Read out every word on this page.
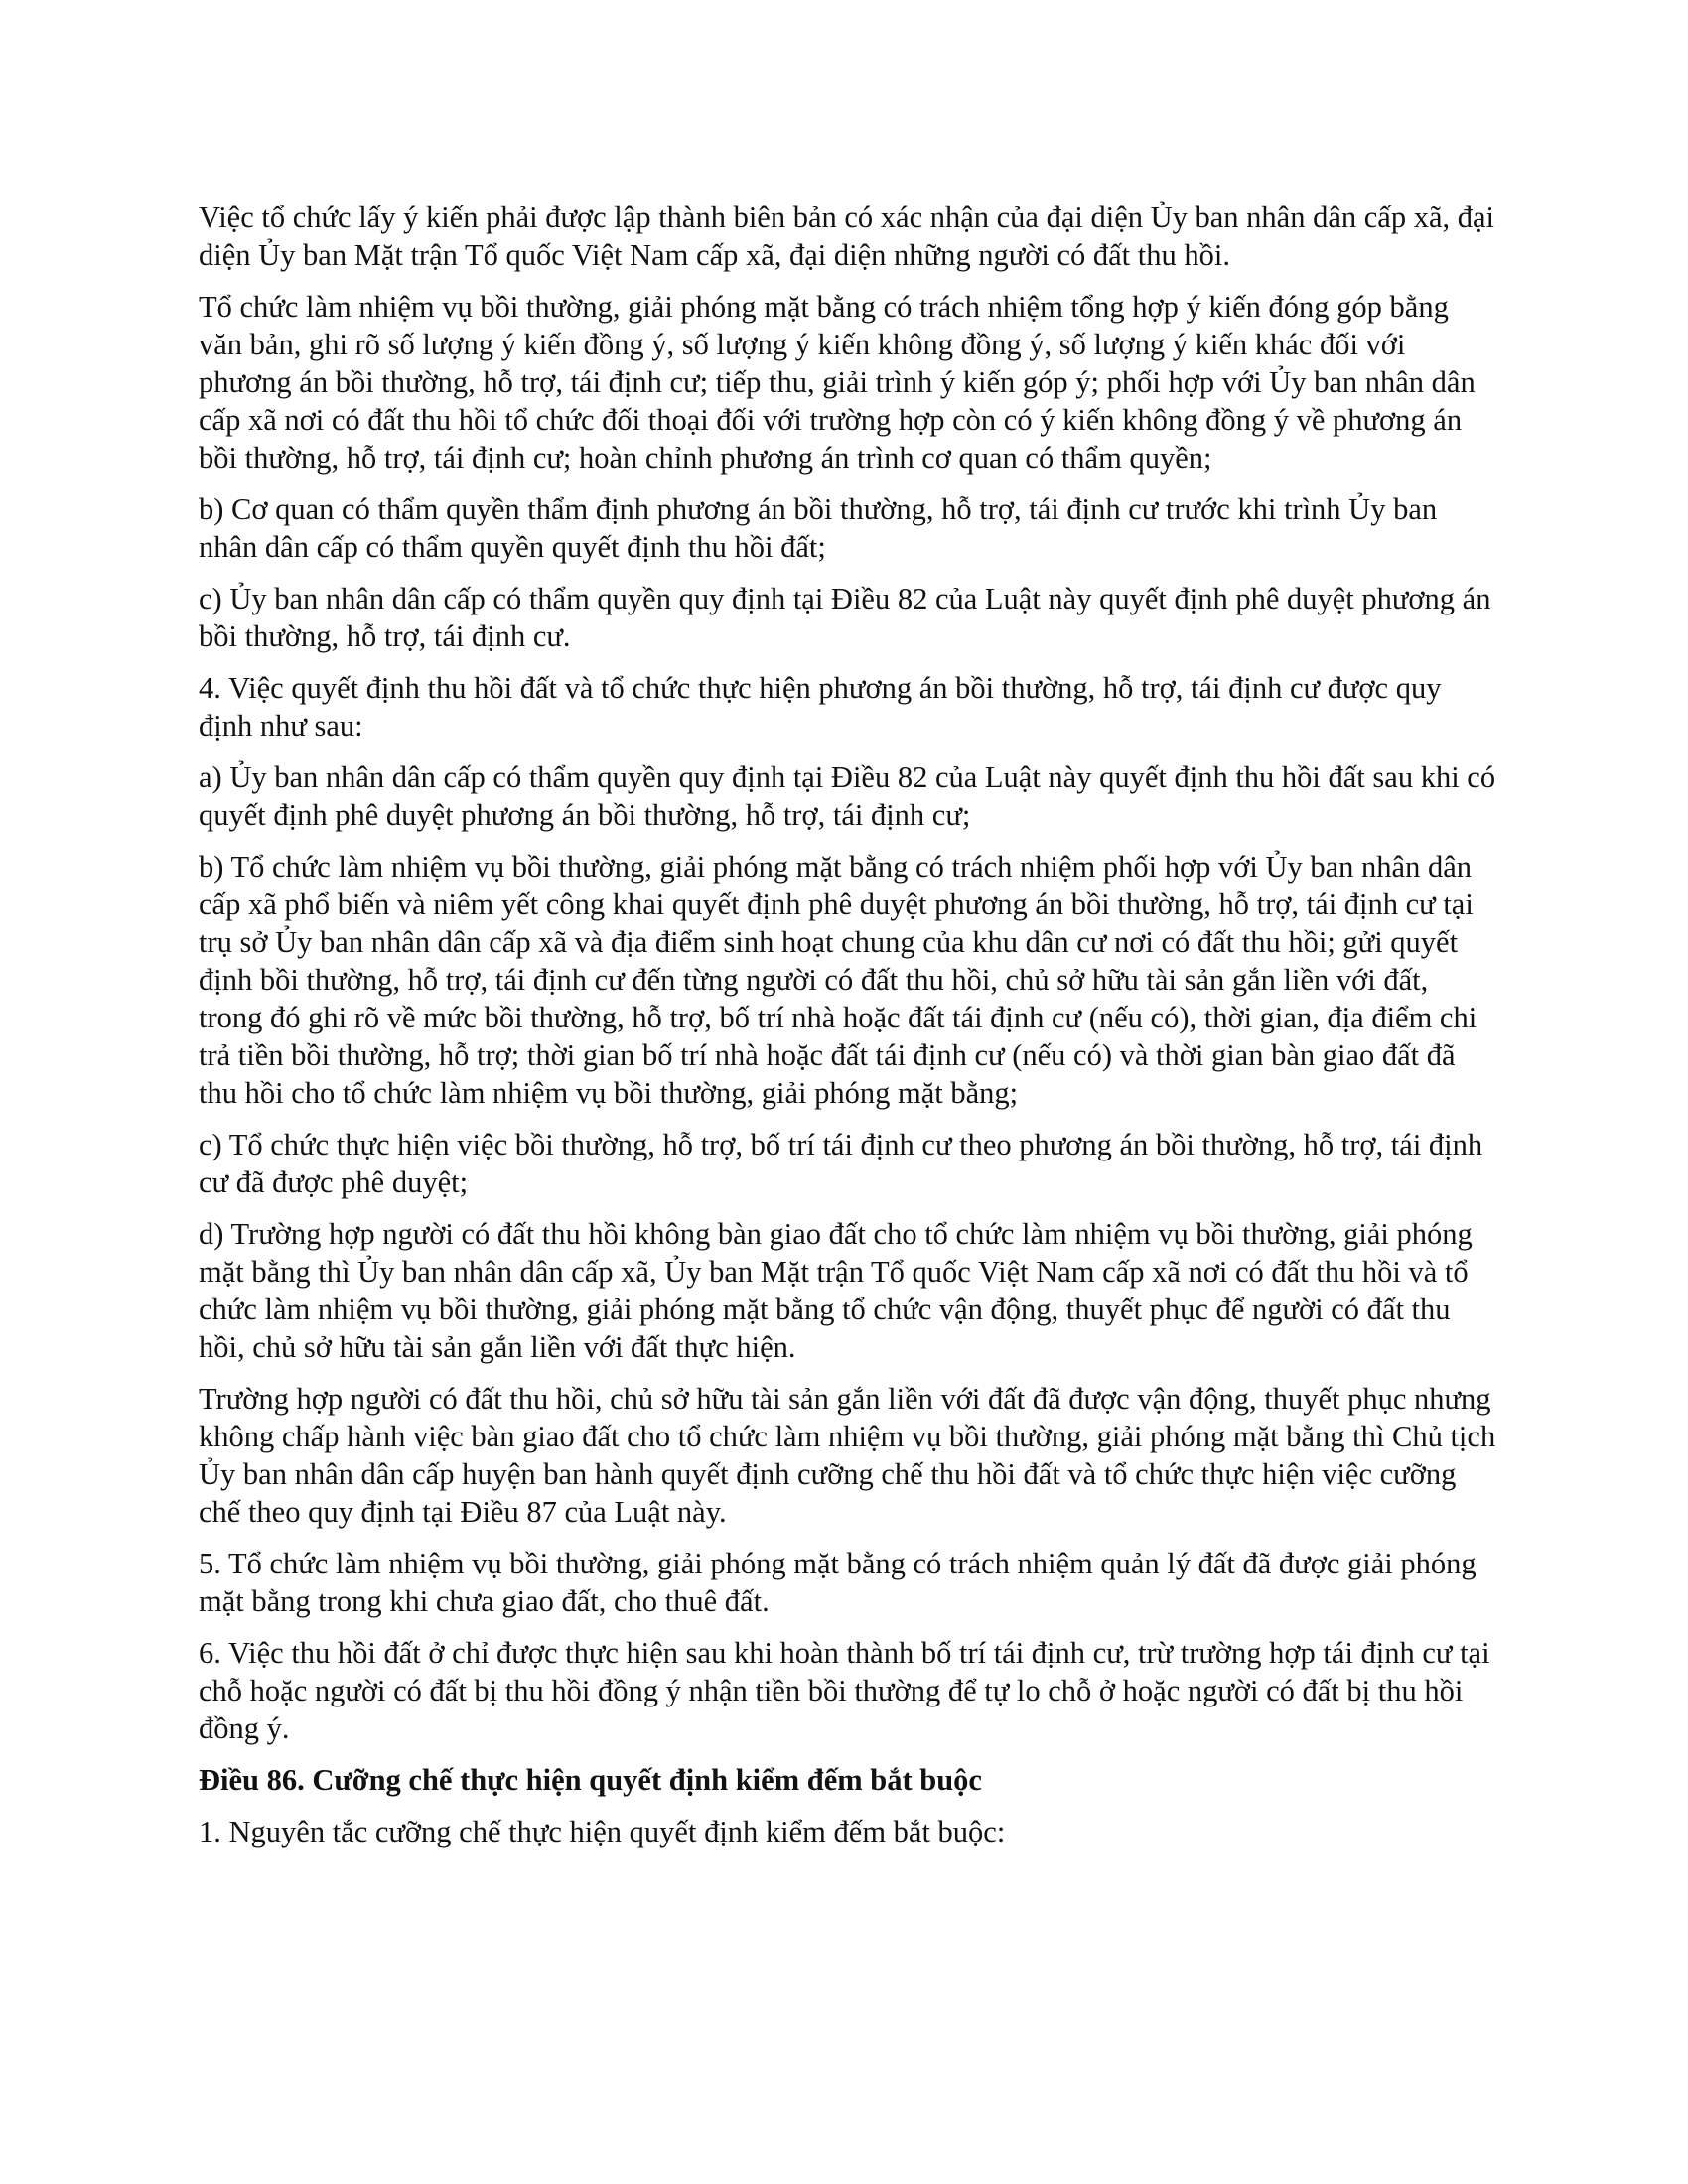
Việc tổ chức lấy ý kiến phải được lập thành biên bản có xác nhận của đại diện Ủy ban nhân dân cấp xã, đại diện Ủy ban Mặt trận Tổ quốc Việt Nam cấp xã, đại diện những người có đất thu hồi.

Tổ chức làm nhiệm vụ bồi thường, giải phóng mặt bằng có trách nhiệm tổng hợp ý kiến đóng góp bằng văn bản, ghi rõ số lượng ý kiến đồng ý, số lượng ý kiến không đồng ý, số lượng ý kiến khác đối với phương án bồi thường, hỗ trợ, tái định cư; tiếp thu, giải trình ý kiến góp ý; phối hợp với Ủy ban nhân dân cấp xã nơi có đất thu hồi tổ chức đối thoại đối với trường hợp còn có ý kiến không đồng ý về phương án bồi thường, hỗ trợ, tái định cư; hoàn chỉnh phương án trình cơ quan có thẩm quyền;

b) Cơ quan có thẩm quyền thẩm định phương án bồi thường, hỗ trợ, tái định cư trước khi trình Ủy ban nhân dân cấp có thẩm quyền quyết định thu hồi đất;

c) Ủy ban nhân dân cấp có thẩm quyền quy định tại Điều 82 của Luật này quyết định phê duyệt phương án bồi thường, hỗ trợ, tái định cư.

4. Việc quyết định thu hồi đất và tổ chức thực hiện phương án bồi thường, hỗ trợ, tái định cư được quy định như sau:

a) Ủy ban nhân dân cấp có thẩm quyền quy định tại Điều 82 của Luật này quyết định thu hồi đất sau khi có quyết định phê duyệt phương án bồi thường, hỗ trợ, tái định cư;

b) Tổ chức làm nhiệm vụ bồi thường, giải phóng mặt bằng có trách nhiệm phối hợp với Ủy ban nhân dân cấp xã phổ biến và niêm yết công khai quyết định phê duyệt phương án bồi thường, hỗ trợ, tái định cư tại trụ sở Ủy ban nhân dân cấp xã và địa điểm sinh hoạt chung của khu dân cư nơi có đất thu hồi; gửi quyết định bồi thường, hỗ trợ, tái định cư đến từng người có đất thu hồi, chủ sở hữu tài sản gắn liền với đất, trong đó ghi rõ về mức bồi thường, hỗ trợ, bố trí nhà hoặc đất tái định cư (nếu có), thời gian, địa điểm chi trả tiền bồi thường, hỗ trợ; thời gian bố trí nhà hoặc đất tái định cư (nếu có) và thời gian bàn giao đất đã thu hồi cho tổ chức làm nhiệm vụ bồi thường, giải phóng mặt bằng;

c) Tổ chức thực hiện việc bồi thường, hỗ trợ, bố trí tái định cư theo phương án bồi thường, hỗ trợ, tái định cư đã được phê duyệt;

d) Trường hợp người có đất thu hồi không bàn giao đất cho tổ chức làm nhiệm vụ bồi thường, giải phóng mặt bằng thì Ủy ban nhân dân cấp xã, Ủy ban Mặt trận Tổ quốc Việt Nam cấp xã nơi có đất thu hồi và tổ chức làm nhiệm vụ bồi thường, giải phóng mặt bằng tổ chức vận động, thuyết phục để người có đất thu hồi, chủ sở hữu tài sản gắn liền với đất thực hiện.

Trường hợp người có đất thu hồi, chủ sở hữu tài sản gắn liền với đất đã được vận động, thuyết phục nhưng không chấp hành việc bàn giao đất cho tổ chức làm nhiệm vụ bồi thường, giải phóng mặt bằng thì Chủ tịch Ủy ban nhân dân cấp huyện ban hành quyết định cưỡng chế thu hồi đất và tổ chức thực hiện việc cưỡng chế theo quy định tại Điều 87 của Luật này.

5. Tổ chức làm nhiệm vụ bồi thường, giải phóng mặt bằng có trách nhiệm quản lý đất đã được giải phóng mặt bằng trong khi chưa giao đất, cho thuê đất.

6. Việc thu hồi đất ở chỉ được thực hiện sau khi hoàn thành bố trí tái định cư, trừ trường hợp tái định cư tại chỗ hoặc người có đất bị thu hồi đồng ý nhận tiền bồi thường để tự lo chỗ ở hoặc người có đất bị thu hồi đồng ý.

Điều 86. Cưỡng chế thực hiện quyết định kiểm đếm bắt buộc

1. Nguyên tắc cưỡng chế thực hiện quyết định kiểm đếm bắt buộc:
